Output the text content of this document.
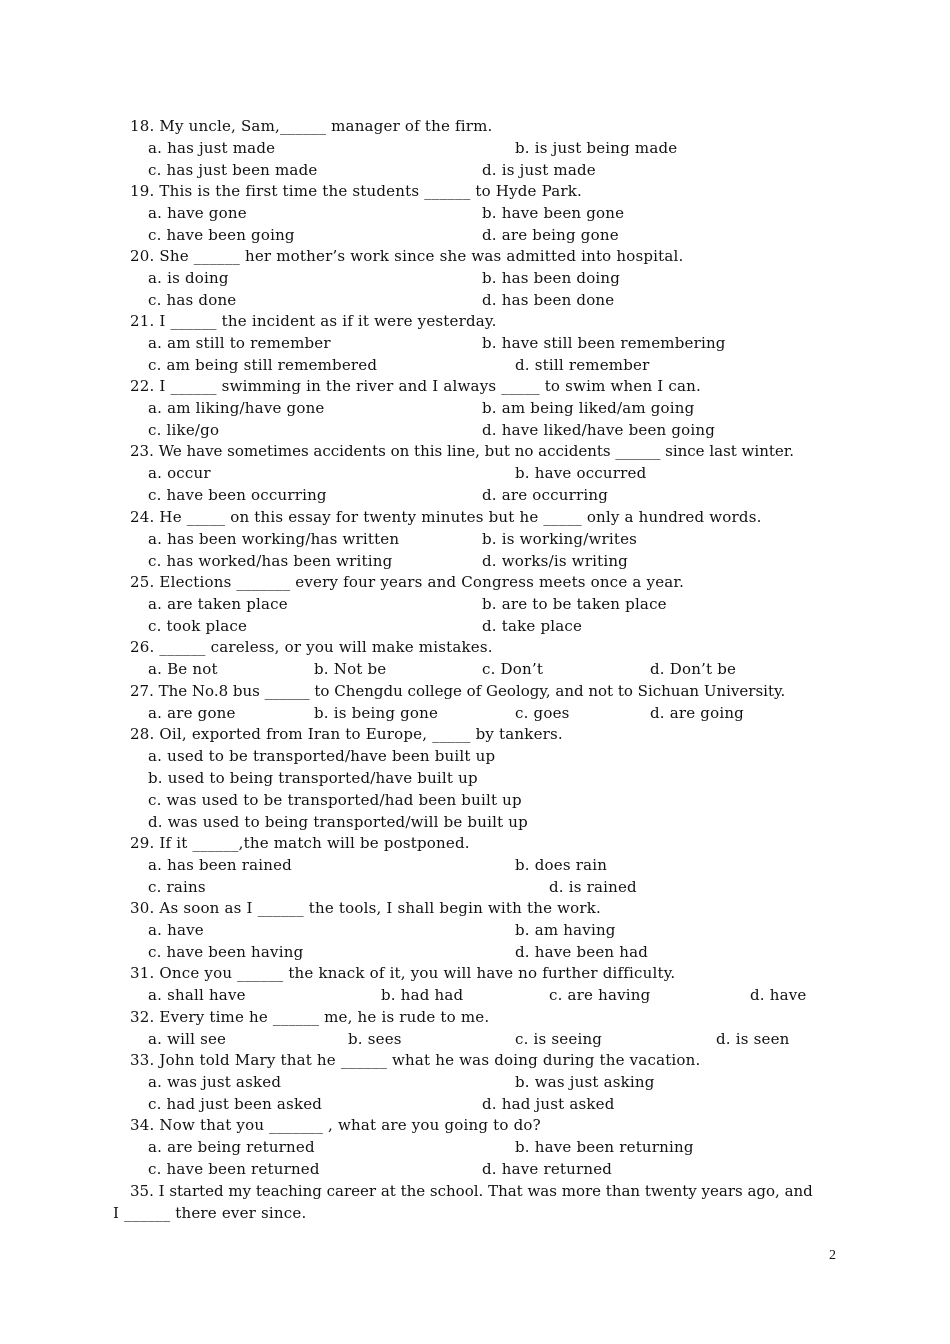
18. My uncle, Sam,______ manager of the firm.
a. has just made	b. is just being made
c. has just been made	d. is just made
19. This is the first time the students ______ to Hyde Park.
a. have gone	b. have been gone
c. have been going	d. are being gone
20. She ______ her mother’s work since she was admitted into hospital.
a. is doing	b. has been doing
c. has done	d. has been done
21. I ______ the incident as if it were yesterday.
a. am still to remember	b. have still been remembering
c. am being still remembered	d. still remember
22. I ______ swimming in the river and I always _____ to swim when I can.
a. am liking/have gone	b. am being liked/am going
c. like/go	d. have liked/have been going
23. We have sometimes accidents on this line, but no accidents ______ since last winter.
a. occur	b. have occurred
c. have been occurring	d. are occurring
24. He _____ on this essay for twenty minutes but he _____ only a hundred words.
a. has been working/has written	b. is working/writes
c. has worked/has been writing	d. works/is writing
25. Elections _______ every four years and Congress meets once a year.
a. are taken place	b. are to be taken place
c. took place	d. take place
26. ______ careless, or you will make mistakes.
a. Be not	b. Not be	c. Don’t	d. Don’t be
27. The No.8 bus ______ to Chengdu college of Geology, and not to Sichuan University.
a. are gone	b. is being gone	c. goes	d. are going
28. Oil, exported from Iran to Europe, _____ by tankers.
a. used to be transported/have been built up
b. used to being transported/have built up
c. was used to be transported/had been built up
d. was used to being transported/will be built up
29. If it ______,the match will be postponed.
a. has been rained	b. does rain
c. rains	d. is rained
30. As soon as I ______ the tools, I shall begin with the work.
a. have	b. am having
c. have been having	d. have been had
31. Once you ______ the knack of it, you will have no further difficulty.
a. shall have	b. had had	c. are having	d. have
32. Every time he ______ me, he is rude to me.
a. will see	b. sees	c. is seeing	d. is seen
33. John told Mary that he ______ what he was doing during the vacation.
a. was just asked	b. was just asking
c. had just been asked	d. had just asked
34. Now that you _______ , what are you going to do?
a. are being returned	b. have been returning
c. have been returned	d. have returned
35. I started my teaching career at the school. That was more than twenty years ago, and
I ______ there ever since.
2
